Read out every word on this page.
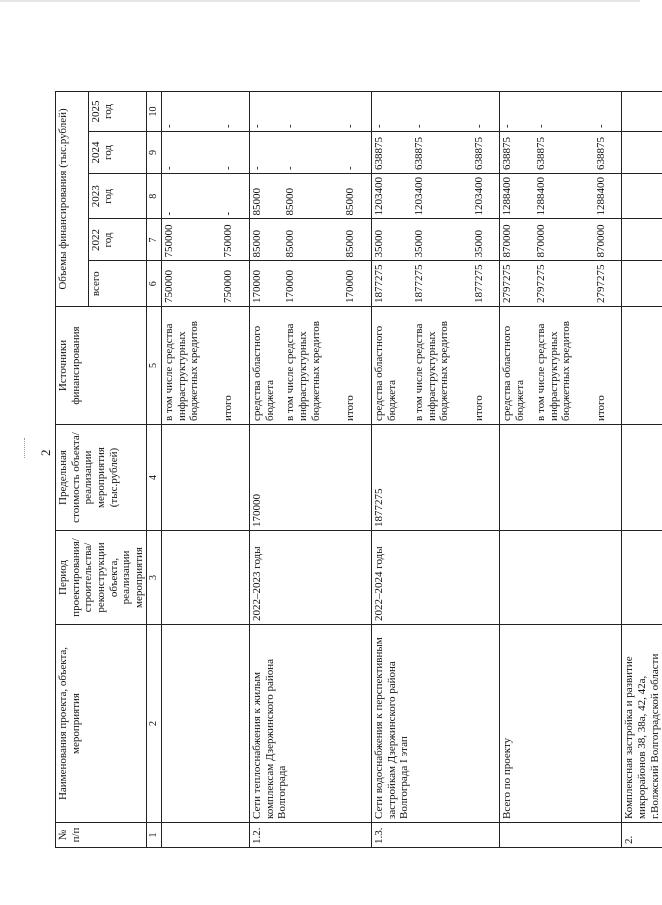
2
№
п/п	Наименования проекта, объекта, мероприятия	Период проектирования/ строительства/ реконструкции объекта, реализации мероприятия	Предельная стоимость объекта/реализации мероприятия (тыс.рублей)	Источники финансирования	Объемы финансирования (тыс.рублей)				
					всего	2022 год	2023 год	2024 год	2025 год
1	2	3	4	5	6	7	8	9	10
				в том числе средства инфраструктурных бюджетных кредитов	750000	750000	-	-	-
				итого	750000	750000	-	-	-
1.2.	Сети теплоснабжения к жилым комплексам Дзержинского района Волгограда	2022–2023 годы	170000	средства областного бюджета	170000	85000	85000	-	-
				в том числе средства инфраструктурных бюджетных кредитов	170000	85000	85000	-	-
				итого	170000	85000	85000	-	-
1.3.	Сети водоснабжения к перспективным застройкам Дзержинского района Волгограда I этап	2022–2024 годы	1877275	средства областного бюджета	1877275	35000	1203400	638875	-
				в том числе средства инфраструктурных бюджетных кредитов	1877275	35000	1203400	638875	-
				итого	1877275	35000	1203400	638875	-
	Всего по проекту			средства областного бюджета	2797275	870000	1288400	638875	-
				в том числе средства инфраструктурных бюджетных кредитов	2797275	870000	1288400	638875	-
				итого	2797275	870000	1288400	638875	-
2.	Комплексная застройка и развитие микрорайонов 38, 38а, 42, 42а, г.Волжский Волгоградской области								
